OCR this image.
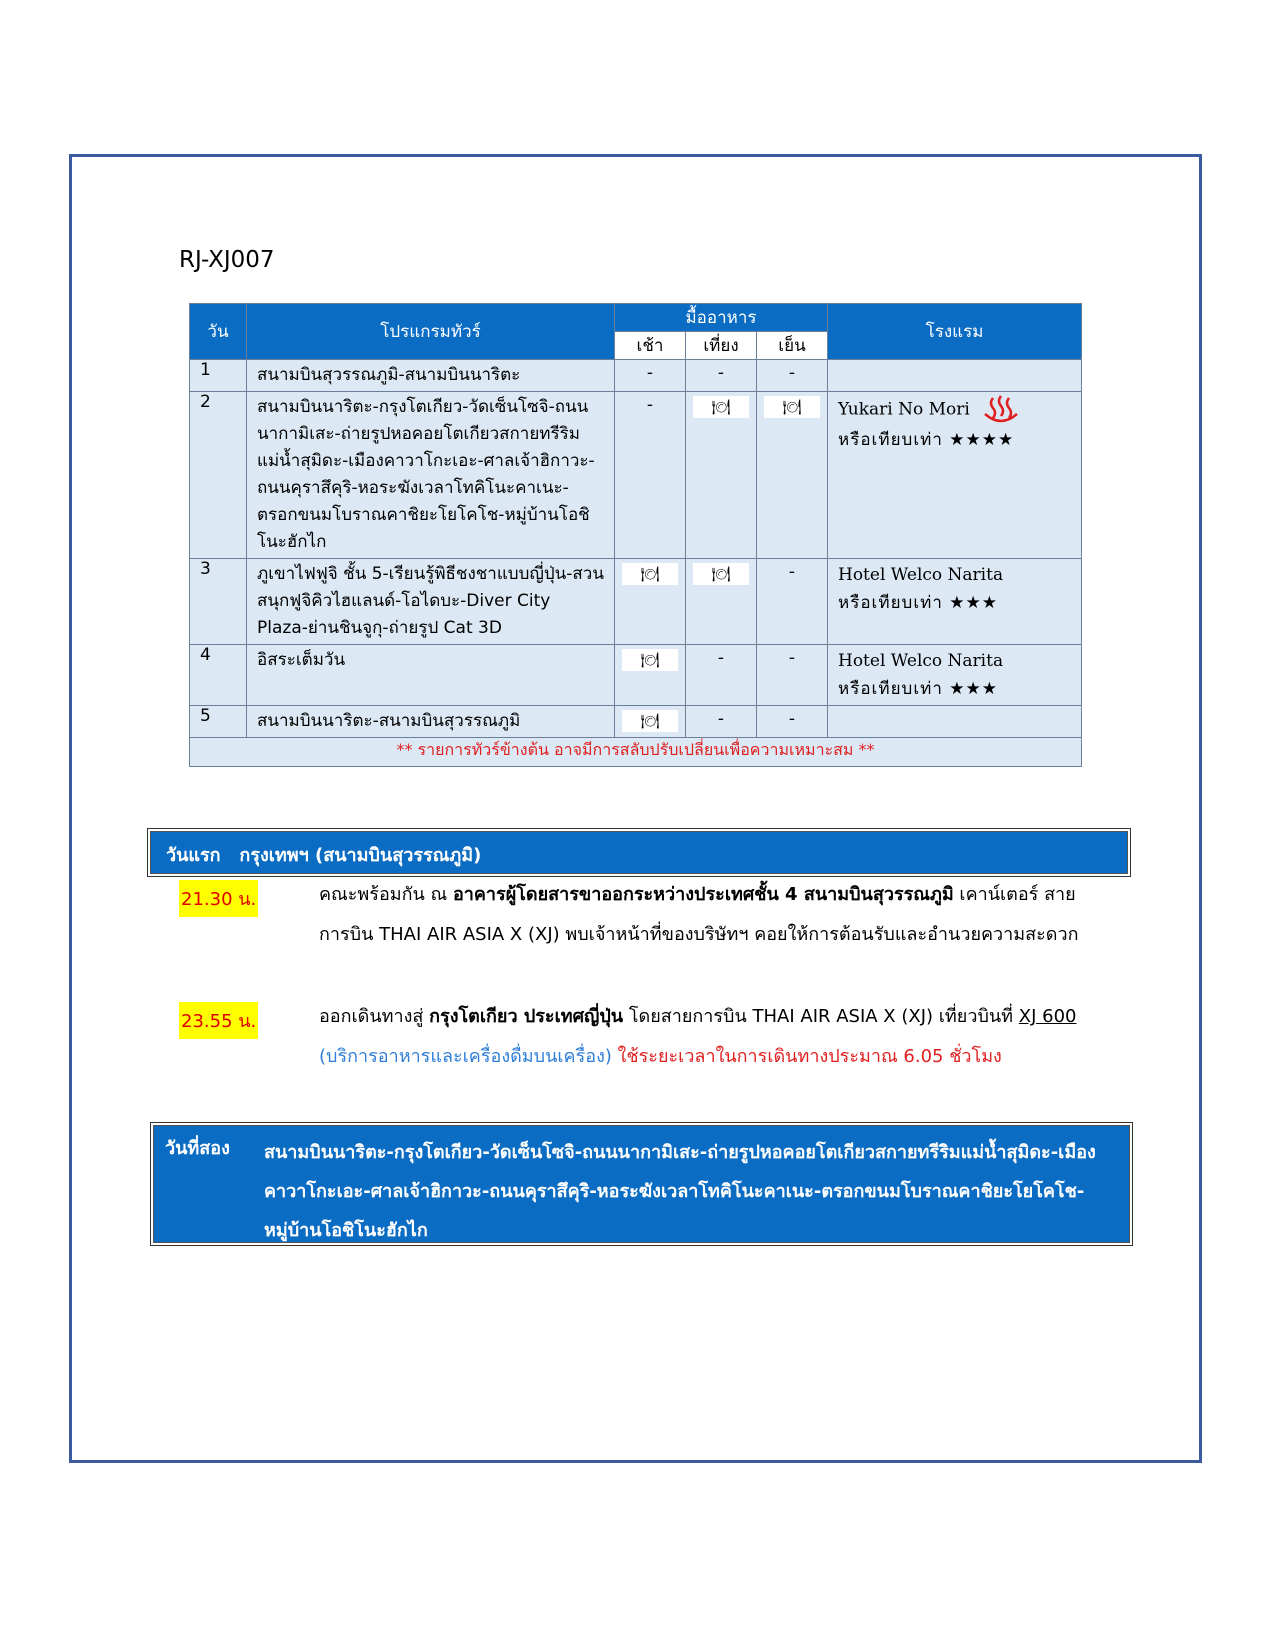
RJ-XJ007
วัน	โปรแกรมทัวร์	มื้ออาหาร			โรงแรม
		เช้า	เที่ยง	เย็น	
1	สนามบินสุวรรณภูมิ-สนามบินนาริตะ	-	-	-	

2	สนามบินนาริตะ-กรุงโตเกียว-วัดเซ็นโซจิ-ถนนนากามิเสะ-ถ่ายรูปหอคอยโตเกียวสกายทรีริมแม่น้ำสุมิดะ-เมืองคาวาโกะเอะ-ศาลเจ้าฮิกาวะ-ถนนคุราสึคุริ-หอระฆังเวลาโทคิโนะคาเนะ-ตรอกขนมโบราณคาชิยะโยโคโช-หมู่บ้านโอชิโนะฮักไก	-	🍽	🍽	Yukari No Mori
หรือเทียบเท่า ★★★★
3	ภูเขาไฟฟูจิ ชั้น 5-เรียนรู้พิธีชงชาแบบญี่ปุ่น-สวนสนุกฟูจิคิวไฮแลนด์-โอไดบะ-Diver City Plaza-ย่านชินจูกุ-ถ่ายรูป Cat 3D	🍽	🍽	-	Hotel Welco Narita
หรือเทียบเท่า ★★★
4	อิสระเต็มวัน	🍽	-	-	Hotel Welco Narita
หรือเทียบเท่า ★★★
5	สนามบินนาริตะ-สนามบินสุวรรณภูมิ	🍽	-	-	

** รายการทัวร์ข้างต้น อาจมีการสลับปรับเปลี่ยนเพื่อความเหมาะสม **					
วันแรก กรุงเทพฯ (สนามบินสุวรรณภูมิ)
21.30 น.	คณะพร้อมกัน ณ อาคารผู้โดยสารขาออกระหว่างประเทศชั้น 4 สนามบินสุวรรณภูมิ เคาน์เตอร์ สายการบิน THAI AIR ASIA X (XJ) พบเจ้าหน้าที่ของบริษัทฯ คอยให้การต้อนรับและอำนวยความสะดวก
23.55 น.	ออกเดินทางสู่ กรุงโตเกียว ประเทศญี่ปุ่น โดยสายการบิน THAI AIR ASIA X (XJ) เที่ยวบินที่ XJ 600 (บริการอาหารและเครื่องดื่มบนเครื่อง) ใช้ระยะเวลาในการเดินทางประมาณ 6.05 ชั่วโมง
วันที่สอง สนามบินนาริตะ-กรุงโตเกียว-วัดเซ็นโซจิ-ถนนนากามิเสะ-ถ่ายรูปหอคอยโตเกียวสกายทรีริมแม่น้ำสุมิดะ-เมืองคาวาโกะเอะ-ศาลเจ้าฮิกาวะ-ถนนคุราสึคุริ-หอระฆังเวลาโทคิโนะคาเนะ-ตรอกขนมโบราณคาชิยะโยโคโช-หมู่บ้านโอชิโนะฮักไก
